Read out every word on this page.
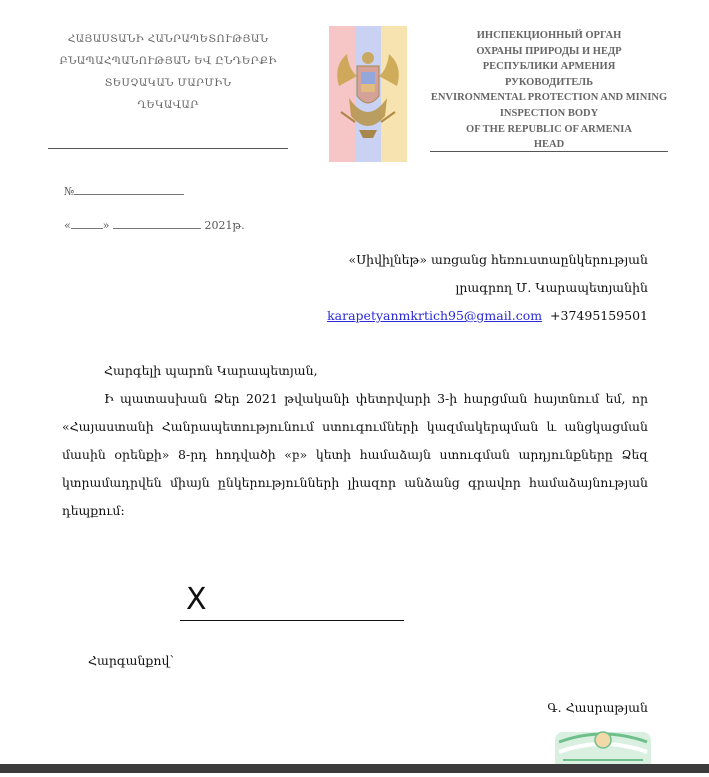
ՀԱՅԱՍՏԱՆԻ ՀԱՆՐԱՊԵՏՈՒԹՅԱՆ
ԲՆԱՊԱՀՊԱՆՈՒԹՅԱՆ ԵՎ ԸՆԴԵՐՔԻ
ՏԵՍՉԱԿԱՆ ՄԱՐՄԻՆ
ՂԵԿԱՎԱՐ
ИНСПЕКЦИОННЫЙ ОРГАН
ОХРАНЫ ПРИРОДЫ И НЕДР
РЕСПУБЛИКИ АРМЕНИЯ
РУКОВОДИТЕЛЬ
ENVIRONMENTAL PROTECTION AND MINING
INSPECTION BODY
OF THE REPUBLIC OF ARMENIA
HEAD
№
«	»	2021թ.
«Սիվիլնեթ» առցանց հեռուստաընկերության
լրագրող Մ․ Կարապետյանին
karapetyanmkrtich95@gmail.com +37495159501

Հարգելի պարոն Կարապետյան,

Ի պատասխան Ձեր 2021 թվականի փետրվարի 3-ի հարցման հայտնում եմ, որ «Հայաստանի Հանրապետությունում ստուգումների կազմակերպման և անցկացման մասին օրենքի» 8-րդ հոդվածի «բ» կետի համաձայն ստուգման արդյունքները Ձեզ կտրամադրվեն միայն ընկերությունների լիազոր անձանց գրավոր համաձայնության դեպքում։

X
Հարգանքով՝
Գ. Հասրաթյան
